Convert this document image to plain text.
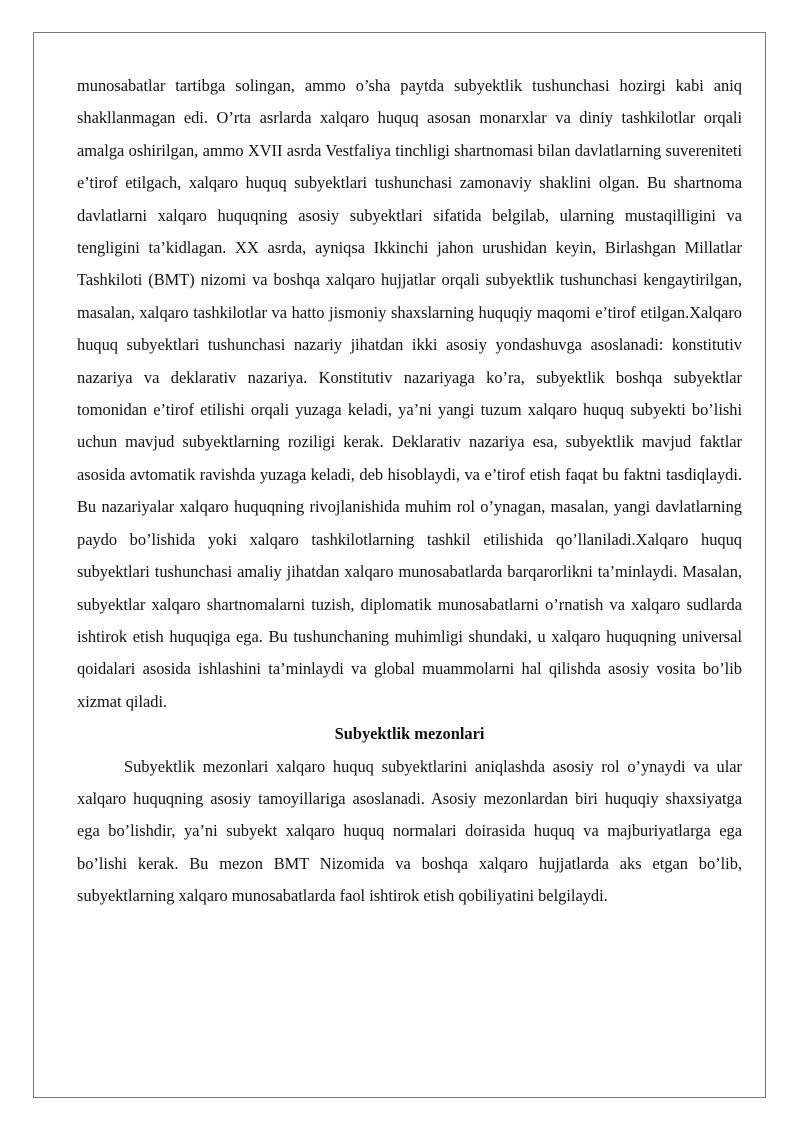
munosabatlar tartibga solingan, ammo o’sha paytda subyektlik tushunchasi hozirgi kabi aniq shakllanmagan edi. O’rta asrlarda xalqaro huquq asosan monarxlar va diniy tashkilotlar orqali amalga oshirilgan, ammo XVII asrda Vestfaliya tinchligi shartnomasi bilan davlatlarning suvereniteti e’tirof etilgach, xalqaro huquq subyektlari tushunchasi zamonaviy shaklini olgan. Bu shartnoma davlatlarni xalqaro huquqning asosiy subyektlari sifatida belgilab, ularning mustaqilligini va tengligini ta’kidlagan. XX asrda, ayniqsa Ikkinchi jahon urushidan keyin, Birlashgan Millatlar Tashkiloti (BMT) nizomi va boshqa xalqaro hujjatlar orqali subyektlik tushunchasi kengaytirilgan, masalan, xalqaro tashkilotlar va hatto jismoniy shaxslarning huquqiy maqomi e’tirof etilgan.Xalqaro huquq subyektlari tushunchasi nazariy jihatdan ikki asosiy yondashuvga asoslanadi: konstitutiv nazariya va deklarativ nazariya. Konstitutiv nazariyaga ko’ra, subyektlik boshqa subyektlar tomonidan e’tirof etilishi orqali yuzaga keladi, ya’ni yangi tuzum xalqaro huquq subyekti bo’lishi uchun mavjud subyektlarning roziligi kerak. Deklarativ nazariya esa, subyektlik mavjud faktlar asosida avtomatik ravishda yuzaga keladi, deb hisoblaydi, va e’tirof etish faqat bu faktni tasdiqlaydi. Bu nazariyalar xalqaro huquqning rivojlanishida muhim rol o’ynagan, masalan, yangi davlatlarning paydo bo’lishida yoki xalqaro tashkilotlarning tashkil etilishida qo’llaniladi.Xalqaro huquq subyektlari tushunchasi amaliy jihatdan xalqaro munosabatlarda barqarorlikni ta’minlaydi. Masalan, subyektlar xalqaro shartnomalarni tuzish, diplomatik munosabatlarni o’rnatish va xalqaro sudlarda ishtirok etish huquqiga ega. Bu tushunchaning muhimligi shundaki, u xalqaro huquqning universal qoidalari asosida ishlashini ta’minlaydi va global muammolarni hal qilishda asosiy vosita bo’lib xizmat qiladi.

Subyektlik mezonlari

Subyektlik mezonlari xalqaro huquq subyektlarini aniqlashda asosiy rol o’ynaydi va ular xalqaro huquqning asosiy tamoyillariga asoslanadi. Asosiy mezonlardan biri huquqiy shaxsiyatga ega bo’lishdir, ya’ni subyekt xalqaro huquq normalari doirasida huquq va majburiyatlarga ega bo’lishi kerak. Bu mezon BMT Nizomida va boshqa xalqaro hujjatlarda aks etgan bo’lib, subyektlarning xalqaro munosabatlarda faol ishtirok etish qobiliyatini belgilaydi.
